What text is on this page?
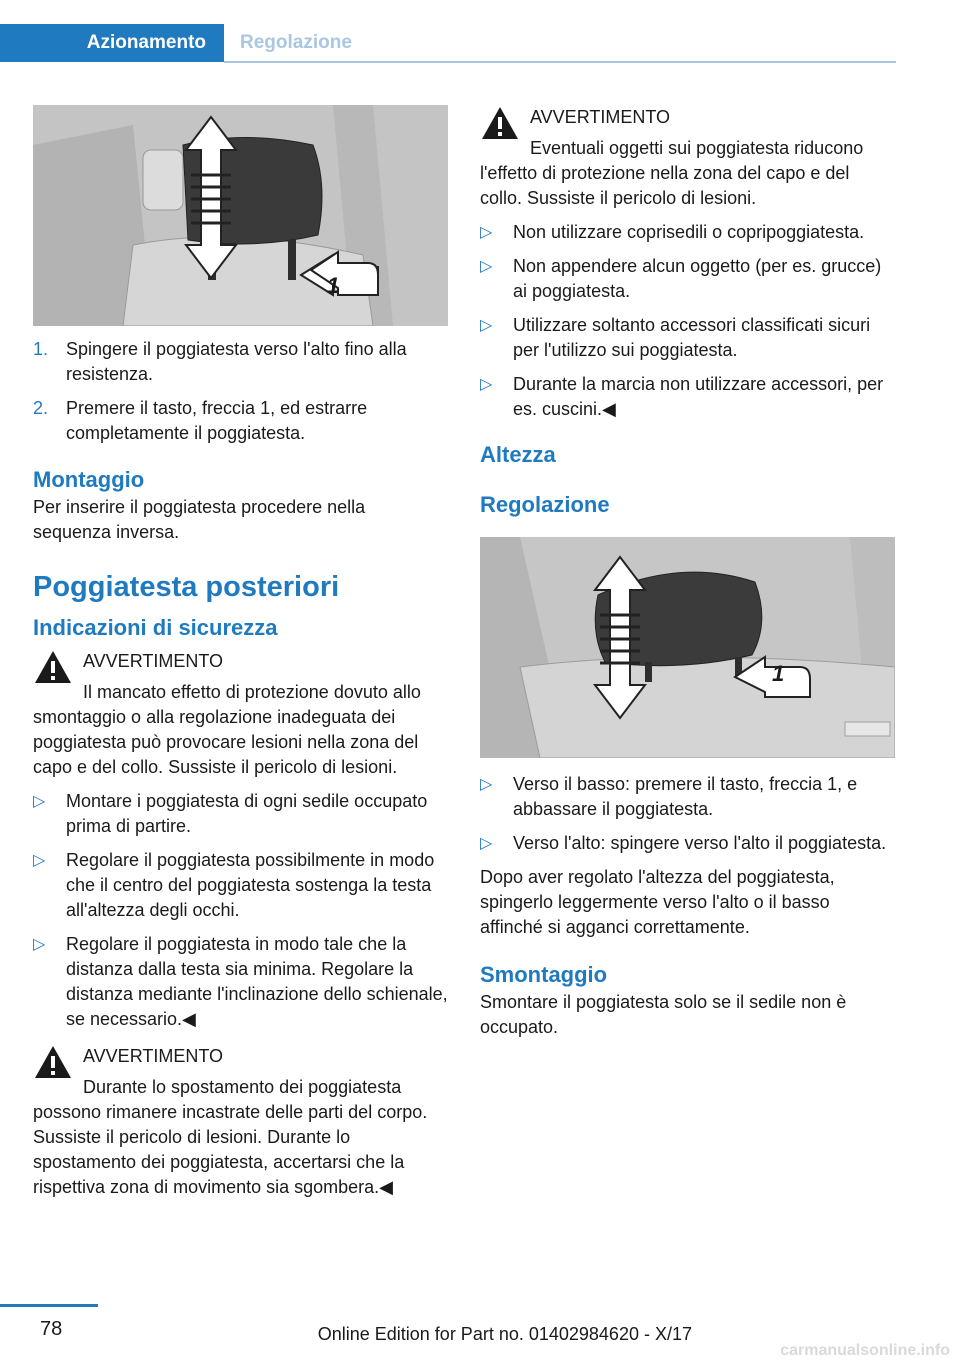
Azionamento	Regolazione
1
1. Spingere il poggiatesta verso l'alto fino alla resistenza.
2. Premere il tasto, freccia 1, ed estrarre completamente il poggiatesta.
Montaggio

Per inserire il poggiatesta procedere nella sequenza inversa.

Poggiatesta posteriori
Indicazioni di sicurezza
AVVERTIMENTO

Il mancato effetto di protezione dovuto allo smontaggio o alla regolazione inadeguata dei poggiatesta può provocare lesioni nella zona del capo e del collo. Sussiste il pericolo di lesioni.

▷ Montare i poggiatesta di ogni sedile occupato prima di partire.
▷ Regolare il poggiatesta possibilmente in modo che il centro del poggiatesta sostenga la testa all'altezza degli occhi.
▷ Regolare il poggiatesta in modo tale che la distanza dalla testa sia minima. Regolare la distanza mediante l'inclinazione dello schienale, se necessario.◀
AVVERTIMENTO

Durante lo spostamento dei poggiatesta possono rimanere incastrate delle parti del corpo. Sussiste il pericolo di lesioni. Durante lo spostamento dei poggiatesta, accertarsi che la rispettiva zona di movimento sia sgombera.◀

AVVERTIMENTO

Eventuali oggetti sui poggiatesta riducono l'effetto di protezione nella zona del capo e del collo. Sussiste il pericolo di lesioni.

▷ Non utilizzare coprisedili o copripoggiatesta.
▷ Non appendere alcun oggetto (per es. grucce) ai poggiatesta.
▷ Utilizzare soltanto accessori classificati sicuri per l'utilizzo sui poggiatesta.
▷ Durante la marcia non utilizzare accessori, per es. cuscini.◀
Altezza
Regolazione
1
▷ Verso il basso: premere il tasto, freccia 1, e abbassare il poggiatesta.
▷ Verso l'alto: spingere verso l'alto il poggiatesta.

Dopo aver regolato l'altezza del poggiatesta, spingerlo leggermente verso l'alto o il basso affinché si agganci correttamente.

Smontaggio

Smontare il poggiatesta solo se il sedile non è occupato.

78	Online Edition for Part no. 01402984620 - X/17
carmanualsonline.info
